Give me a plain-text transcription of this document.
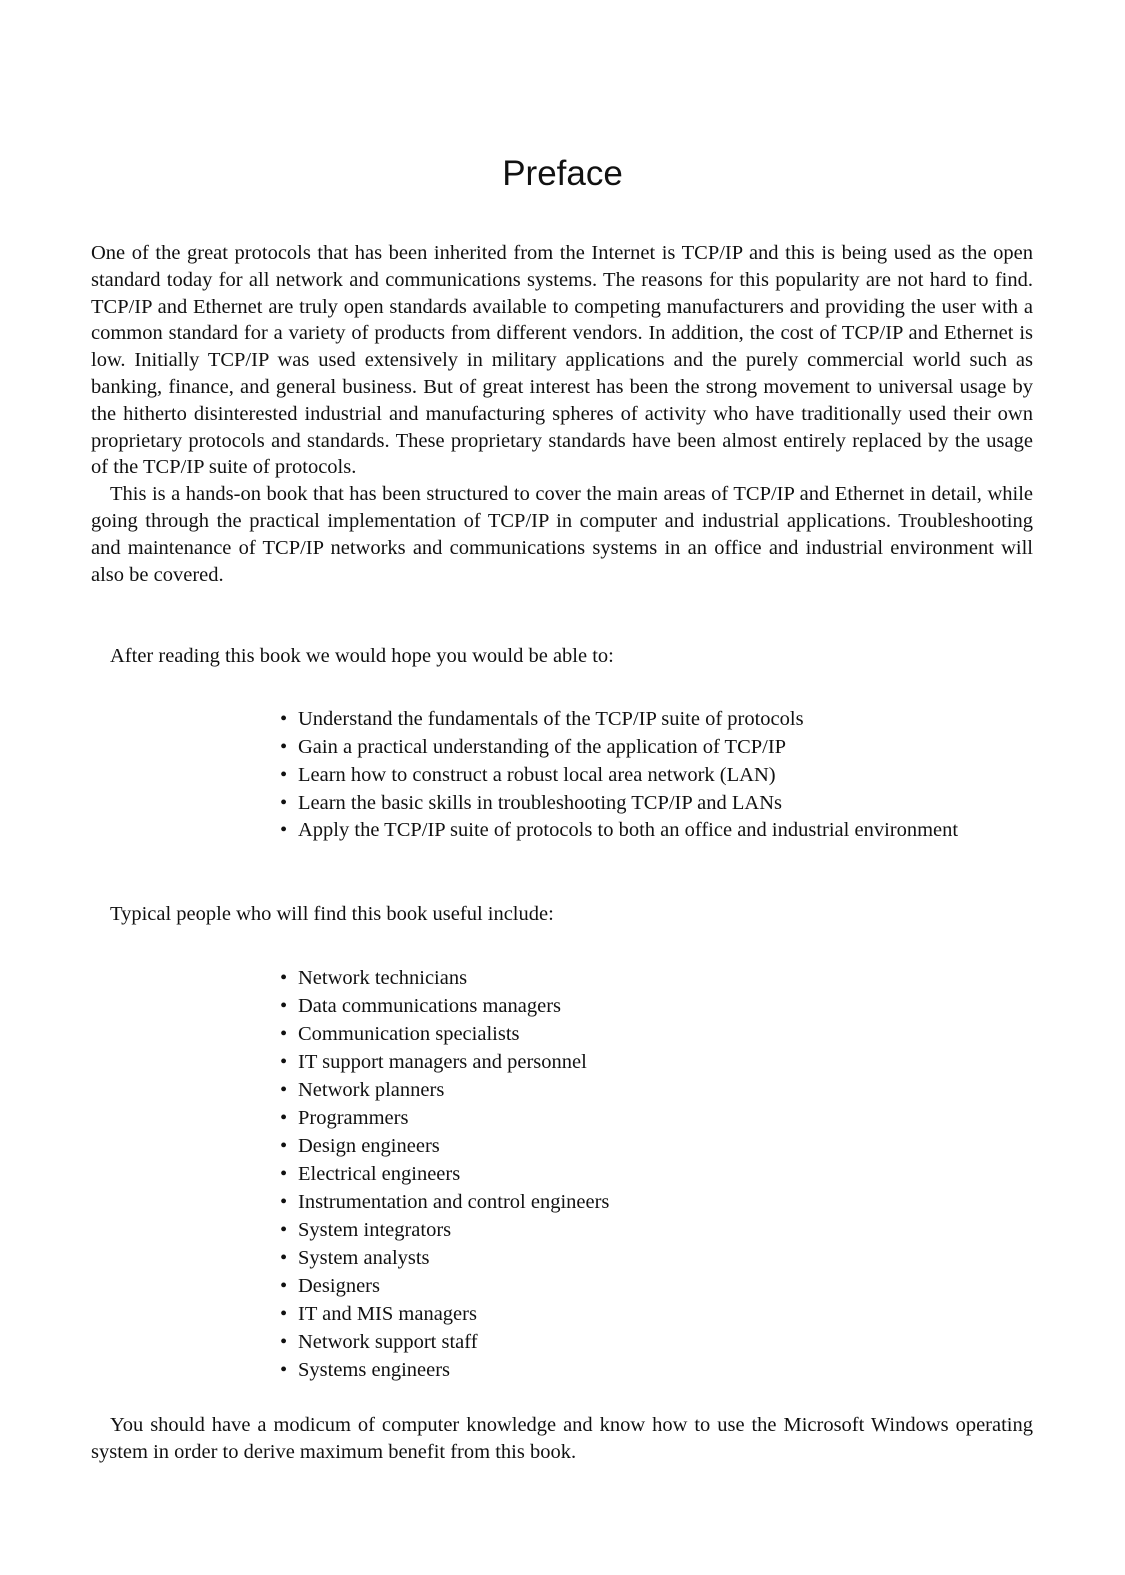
Preface

One of the great protocols that has been inherited from the Internet is TCP/IP and this is being used as the open standard today for all network and communications systems. The reasons for this popularity are not hard to find. TCP/IP and Ethernet are truly open standards available to competing manufacturers and providing the user with a common standard for a variety of products from different vendors. In addition, the cost of TCP/IP and Ethernet is low. Initially TCP/IP was used extensively in military applications and the purely commercial world such as banking, finance, and general business. But of great interest has been the strong movement to universal usage by the hitherto disinterested industrial and manufacturing spheres of activity who have traditionally used their own proprietary protocols and standards. These proprietary standards have been almost entirely replaced by the usage of the TCP/IP suite of protocols.

This is a hands-on book that has been structured to cover the main areas of TCP/IP and Ethernet in detail, while going through the practical implementation of TCP/IP in computer and industrial applications. Troubleshooting and maintenance of TCP/IP networks and communications systems in an office and industrial environment will also be covered.

After reading this book we would hope you would be able to:

• Understand the fundamentals of the TCP/IP suite of protocols
• Gain a practical understanding of the application of TCP/IP
• Learn how to construct a robust local area network (LAN)
• Learn the basic skills in troubleshooting TCP/IP and LANs
• Apply the TCP/IP suite of protocols to both an office and industrial environment

Typical people who will find this book useful include:

• Network technicians
• Data communications managers
• Communication specialists
• IT support managers and personnel
• Network planners
• Programmers
• Design engineers
• Electrical engineers
• Instrumentation and control engineers
• System integrators
• System analysts
• Designers
• IT and MIS managers
• Network support staff
• Systems engineers

You should have a modicum of computer knowledge and know how to use the Microsoft Windows operating system in order to derive maximum benefit from this book.
